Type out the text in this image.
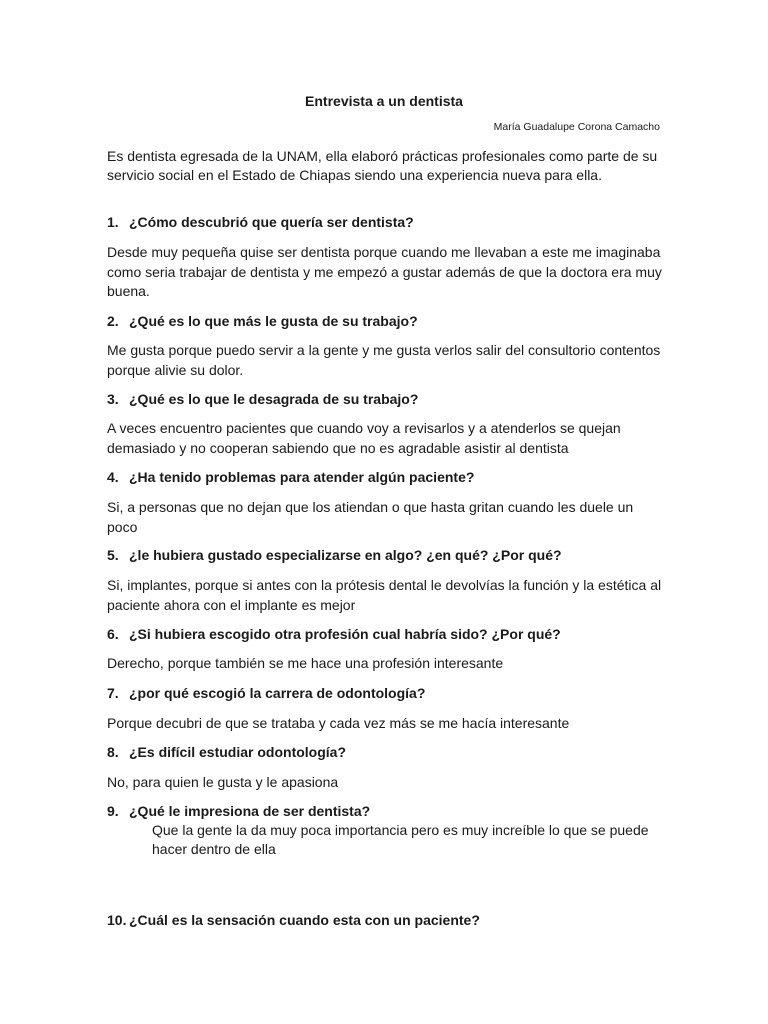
Entrevista a un dentista
María Guadalupe Corona Camacho
Es dentista egresada de la UNAM, ella elaboró prácticas profesionales como parte de su servicio social en el Estado de Chiapas siendo una experiencia nueva para ella.
1. ¿Cómo descubrió que quería ser dentista?
Desde muy pequeña quise ser dentista porque cuando me llevaban a este me imaginaba como seria trabajar de dentista y me empezó a gustar además de que la doctora era muy buena.
2. ¿Qué es lo que más le gusta de su trabajo?
Me gusta porque puedo servir a la gente y me gusta verlos salir del consultorio contentos porque alivie su dolor.
3. ¿Qué es lo que le desagrada de su trabajo?
A veces encuentro pacientes que cuando voy a revisarlos y a atenderlos se quejan demasiado y no cooperan sabiendo que no es agradable asistir al dentista
4. ¿Ha tenido problemas para atender algún paciente?
Si, a personas que no dejan que los atiendan o que hasta gritan cuando les duele un poco
5. ¿le hubiera gustado especializarse en algo? ¿en qué? ¿Por qué?
Si, implantes, porque si antes con la prótesis dental le devolvías la función y la estética al paciente ahora con el implante es mejor
6. ¿Si hubiera escogido otra profesión cual habría sido? ¿Por qué?
Derecho, porque también se me hace una profesión interesante
7. ¿por qué escogió la carrera de odontología?
Porque decubri de que se trataba y cada vez más se me hacía interesante
8. ¿Es difícil estudiar odontología?
No, para quien le gusta y le apasiona
9. ¿Qué le impresiona de ser dentista?
Que la gente la da muy poca importancia pero es muy increíble lo que se puede hacer dentro de ella
10. ¿Cuál es la sensación cuando esta con un paciente?
